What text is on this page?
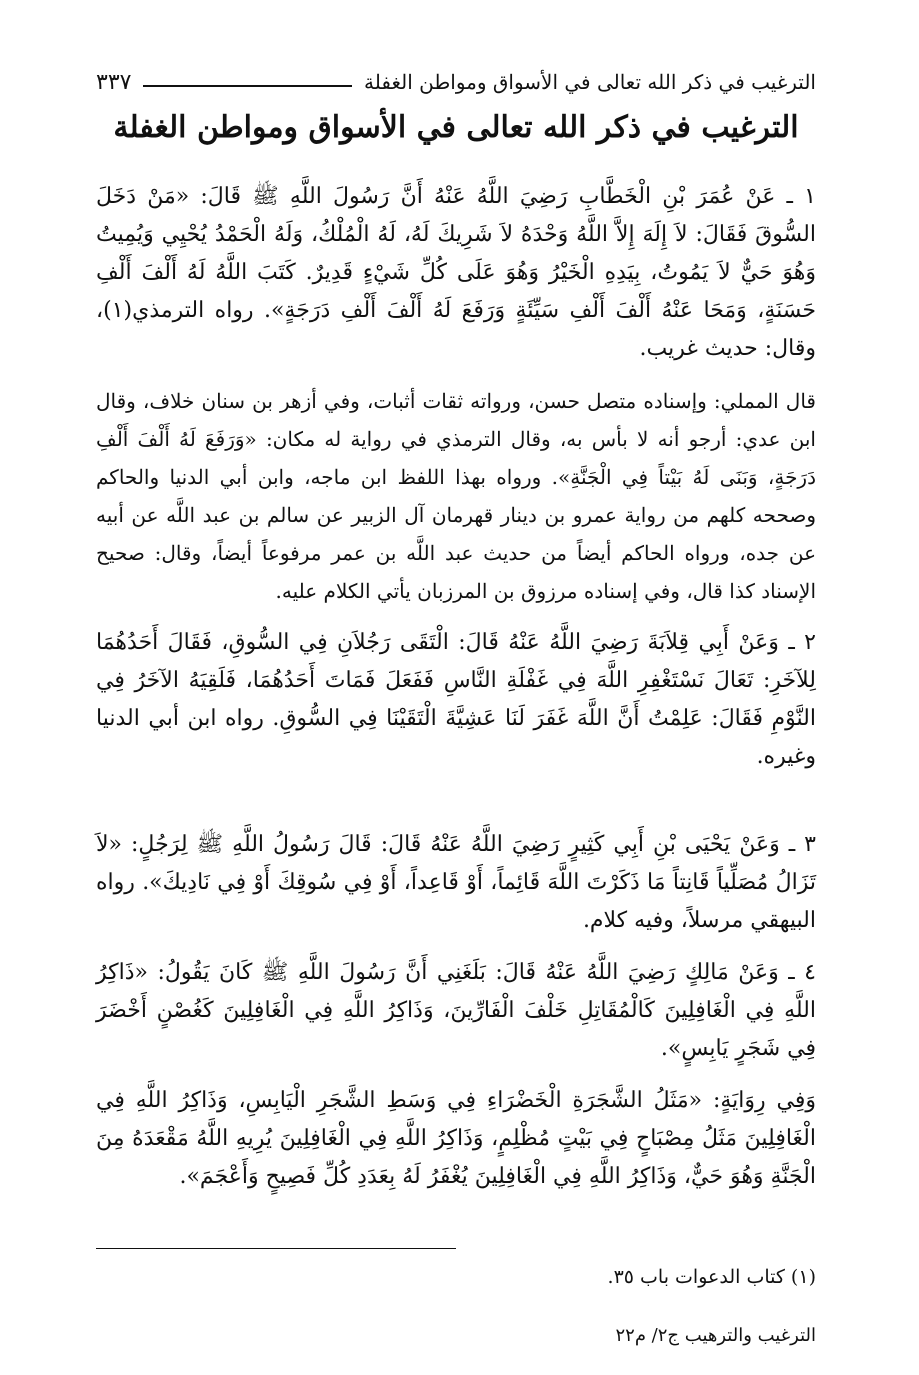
الترغيب في ذكر الله تعالى في الأسواق ومواطن الغفلة
٣٣٧
الترغيب في ذكر الله تعالى في الأسواق ومواطن الغفلة

١ ـ عَنْ عُمَرَ بْنِ الْخَطَّابِ رَضِيَ اللَّهُ عَنْهُ أَنَّ رَسُولَ اللَّهِ ﷺ قَالَ: «مَنْ دَخَلَ السُّوقَ فَقَالَ: لاَ إِلَهَ إِلاَّ اللَّهُ وَحْدَهُ لاَ شَرِيكَ لَهُ، لَهُ الْمُلْكُ، وَلَهُ الْحَمْدُ يُحْيِي وَيُمِيتُ وَهُوَ حَيٌّ لاَ يَمُوتُ، بِيَدِهِ الْخَيْرُ وَهُوَ عَلَى كُلِّ شَيْءٍ قَدِيرٌ. كَتَبَ اللَّهُ لَهُ أَلْفَ أَلْفِ حَسَنَةٍ، وَمَحَا عَنْهُ أَلْفَ أَلْفِ سَيِّئَةٍ وَرَفَعَ لَهُ أَلْفَ أَلْفِ دَرَجَةٍ». رواه الترمذي(١)، وقال: حديث غريب.

قال المملي: وإسناده متصل حسن، ورواته ثقات أثبات، وفي أزهر بن سنان خلاف، وقال ابن عدي: أرجو أنه لا بأس به، وقال الترمذي في رواية له مكان: «وَرَفَعَ لَهُ أَلْفَ أَلْفِ دَرَجَةٍ، وَبَنَى لَهُ بَيْتاً فِي الْجَنَّةِ». ورواه بهذا اللفظ ابن ماجه، وابن أبي الدنيا والحاكم وصححه كلهم من رواية عمرو بن دينار قهرمان آل الزبير عن سالم بن عبد اللَّه عن أبيه عن جده، ورواه الحاكم أيضاً من حديث عبد اللَّه بن عمر مرفوعاً أيضاً، وقال: صحيح الإسناد كذا قال، وفي إسناده مرزوق بن المرزبان يأتي الكلام عليه.

٢ ـ وَعَنْ أَبِي قِلاَبَةَ رَضِيَ اللَّهُ عَنْهُ قَالَ: الْتَقَى رَجُلاَنِ فِي السُّوقِ، فَقَالَ أَحَدُهُمَا لِلآخَرِ: تَعَالَ نَسْتَغْفِرِ اللَّهَ فِي غَفْلَةِ النَّاسِ فَفَعَلَ فَمَاتَ أَحَدُهُمَا، فَلَقِيَهُ الآخَرُ فِي النَّوْمِ فَقَالَ: عَلِمْتُ أَنَّ اللَّهَ غَفَرَ لَنَا عَشِيَّةَ الْتَقَيْنَا فِي السُّوقِ. رواه ابن أبي الدنيا وغيره.

٣ ـ وَعَنْ يَحْيَى بْنِ أَبِي كَثِيرٍ رَضِيَ اللَّهُ عَنْهُ قَالَ: قَالَ رَسُولُ اللَّهِ ﷺ لِرَجُلٍ: «لاَ تَزَالُ مُصَلِّياً قَانِتاً مَا ذَكَرْتَ اللَّهَ قَائِماً، أَوْ قَاعِداً، أَوْ فِي سُوقِكَ أَوْ فِي نَادِيكَ». رواه البيهقي مرسلاً، وفيه كلام.

٤ ـ وَعَنْ مَالِكٍ رَضِيَ اللَّهُ عَنْهُ قَالَ: بَلَغَنِي أَنَّ رَسُولَ اللَّهِ ﷺ كَانَ يَقُولُ: «ذَاكِرُ اللَّهِ فِي الْغَافِلِينَ كَالْمُقَاتِلِ خَلْفَ الْفَارِّينَ، وَذَاكِرُ اللَّهِ فِي الْغَافِلِينَ كَغُصْنٍ أَخْضَرَ فِي شَجَرٍ يَابِسٍ».

وَفِي رِوَايَةٍ: «مَثَلُ الشَّجَرَةِ الْخَضْرَاءِ فِي وَسَطِ الشَّجَرِ الْيَابِسِ، وَذَاكِرُ اللَّهِ فِي الْغَافِلِينَ مَثَلُ مِصْبَاحٍ فِي بَيْتٍ مُظْلِمٍ، وَذَاكِرُ اللَّهِ فِي الْغَافِلِينَ يُرِيهِ اللَّهُ مَقْعَدَهُ مِنَ الْجَنَّةِ وَهُوَ حَيٌّ، وَذَاكِرُ اللَّهِ فِي الْغَافِلِينَ يُغْفَرُ لَهُ بِعَدَدِ كُلِّ فَصِيحٍ وَأَعْجَمَ».

(١) كتاب الدعوات باب ٣٥.
الترغيب والترهيب ج٢/ م٢٢
